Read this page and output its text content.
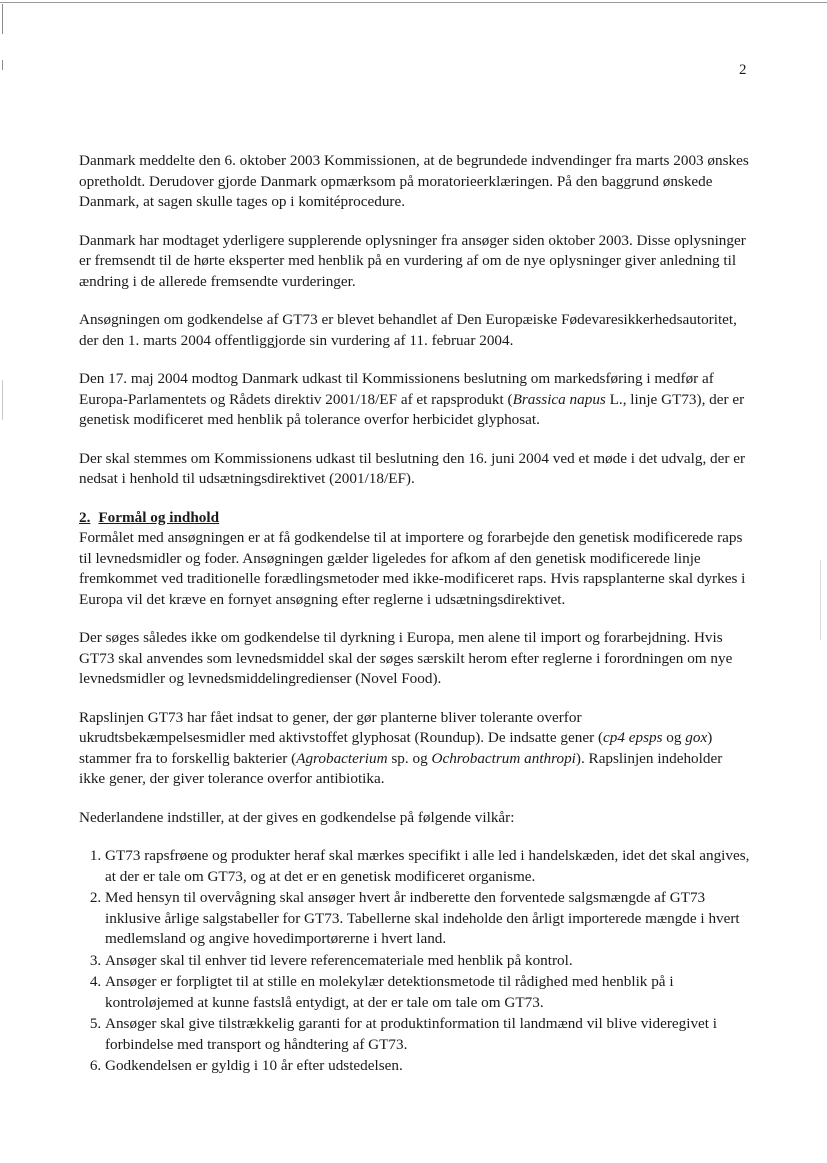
2

Danmark meddelte den 6. oktober 2003 Kommissionen, at de begrundede indvendinger fra marts 2003 ønskes opretholdt. Derudover gjorde Danmark opmærksom på moratorieerklæringen. På den baggrund ønskede Danmark, at sagen skulle tages op i komitéprocedure.

Danmark har modtaget yderligere supplerende oplysninger fra ansøger siden oktober 2003. Disse oplysninger er fremsendt til de hørte eksperter med henblik på en vurdering af om de nye oplysninger giver anledning til ændring i de allerede fremsendte vurderinger.

Ansøgningen om godkendelse af GT73 er blevet behandlet af Den Europæiske Fødevaresikkerhedsautoritet, der den 1. marts 2004 offentliggjorde sin vurdering af 11. februar 2004.

Den 17. maj 2004 modtog Danmark udkast til Kommissionens beslutning om markedsføring i medfør af Europa-Parlamentets og Rådets direktiv 2001/18/EF af et rapsprodukt (Brassica napus L., linje GT73), der er genetisk modificeret med henblik på tolerance overfor herbicidet glyphosat.

Der skal stemmes om Kommissionens udkast til beslutning den 16. juni 2004 ved et møde i det udvalg, der er nedsat i henhold til udsætningsdirektivet (2001/18/EF).

2. Formål og indhold

Formålet med ansøgningen er at få godkendelse til at importere og forarbejde den genetisk modificerede raps til levnedsmidler og foder. Ansøgningen gælder ligeledes for afkom af den genetisk modificerede linje fremkommet ved traditionelle forædlingsmetoder med ikke-modificeret raps. Hvis rapsplanterne skal dyrkes i Europa vil det kræve en fornyet ansøgning efter reglerne i udsætningsdirektivet.

Der søges således ikke om godkendelse til dyrkning i Europa, men alene til import og forarbejdning. Hvis GT73 skal anvendes som levnedsmiddel skal der søges særskilt herom efter reglerne i forordningen om nye levnedsmidler og levnedsmiddelingredienser (Novel Food).

Rapslinjen GT73 har fået indsat to gener, der gør planterne bliver tolerante overfor ukrudtsbekæmpelsesmidler med aktivstoffet glyphosat (Roundup). De indsatte gener (cp4 epsps og gox) stammer fra to forskellig bakterier (Agrobacterium sp. og Ochrobactrum anthropi). Rapslinjen indeholder ikke gener, der giver tolerance overfor antibiotika.

Nederlandene indstiller, at der gives en godkendelse på følgende vilkår:

1. GT73 rapsfrøene og produkter heraf skal mærkes specifikt i alle led i handelskæden, idet det skal angives, at der er tale om GT73, og at det er en genetisk modificeret organisme.
2. Med hensyn til overvågning skal ansøger hvert år indberette den forventede salgsmængde af GT73 inklusive årlige salgstabeller for GT73. Tabellerne skal indeholde den årligt importerede mængde i hvert medlemsland og angive hovedimportørerne i hvert land.
3. Ansøger skal til enhver tid levere referencemateriale med henblik på kontrol.
4. Ansøger er forpligtet til at stille en molekylær detektionsmetode til rådighed med henblik på i kontroløjemed at kunne fastslå entydigt, at der er tale om tale om GT73.
5. Ansøger skal give tilstrækkelig garanti for at produktinformation til landmænd vil blive videregivet i forbindelse med transport og håndtering af GT73.
6. Godkendelsen er gyldig i 10 år efter udstedelsen.
